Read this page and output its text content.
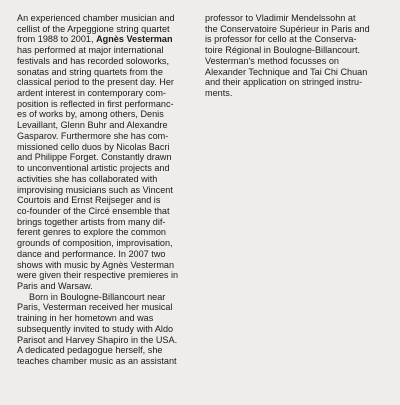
An experienced chamber musician and
cellist of the Arpeggione string quartet
from 1988 to 2001, Agnès Vesterman
has performed at major international
festivals and has recorded soloworks,
sonatas and string quartets from the
classical period to the present day. Her
ardent interest in contemporary com-
position is reflected in first performanc-
es of works by, among others, Denis
Levaillant, Glenn Buhr and Alexandre
Gasparov. Furthermore she has com-
missioned cello duos by Nicolas Bacri
and Philippe Forget. Constantly drawn
to unconventional artistic projects and
activities she has collaborated with
improvising musicians such as Vincent
Courtois and Ernst Reijseger and is
co-founder of the Circé ensemble that
brings together artists from many dif-
ferent genres to explore the common
grounds of composition, improvisation,
dance and performance. In 2007 two
shows with music by Agnès Vesterman
were given their respective premieres in
Paris and Warsaw.
Born in Boulogne-Billancourt near
Paris, Vesterman received her musical
training in her hometown and was
subsequently invited to study with Aldo
Parisot and Harvey Shapiro in the USA.
A dedicated pedagogue herself, she
teaches chamber music as an assistant
professor to Vladimir Mendelssohn at
the Conservatoire Supérieur in Paris and
is professor for cello at the Conserva-
toire Régional in Boulogne-Billancourt.
Vesterman's method focusses on
Alexander Technique and Tai Chi Chuan
and their application on stringed instru-
ments.
